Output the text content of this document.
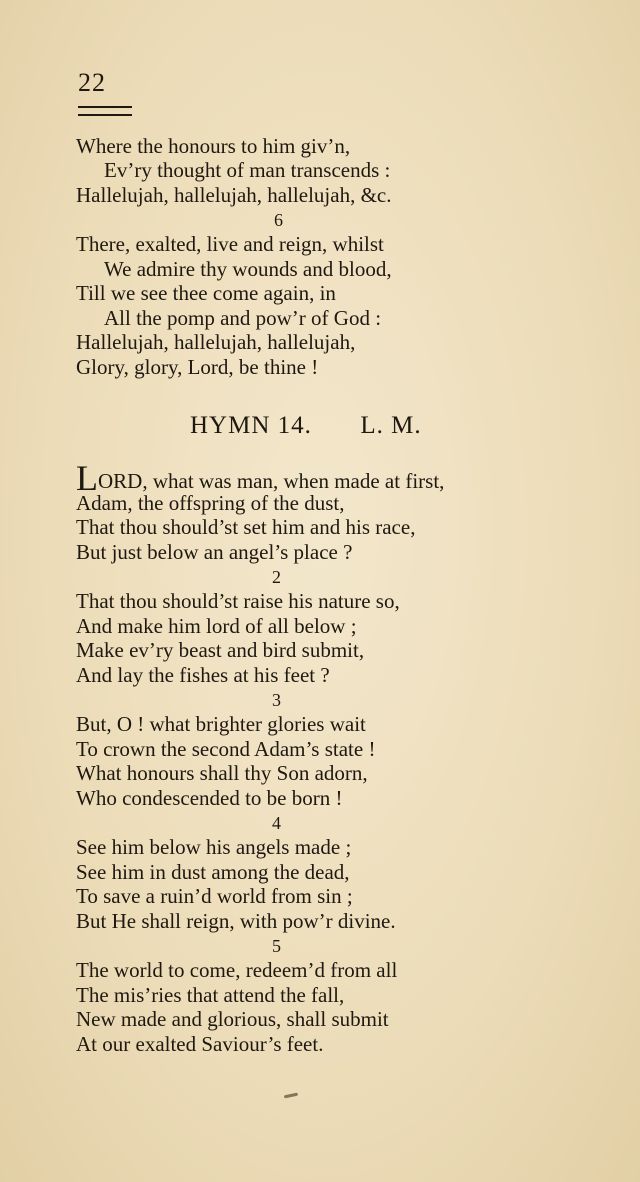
22
Where the honours to him giv’n,
Ev’ry thought of man transcends :
Hallelujah, hallelujah, hallelujah, &c.
6
There, exalted, live and reign, whilst
We admire thy wounds and blood,
Till we see thee come again, in
All the pomp and pow’r of God :
Hallelujah, hallelujah, hallelujah,
Glory, glory, Lord, be thine !
HYMN 14. L. M.
LORD, what was man, when made at first,
Adam, the offspring of the dust,
That thou should’st set him and his race,
But just below an angel’s place ?
2
That thou should’st raise his nature so,
And make him lord of all below ;
Make ev’ry beast and bird submit,
And lay the fishes at his feet ?
3
But, O ! what brighter glories wait
To crown the second Adam’s state !
What honours shall thy Son adorn,
Who condescended to be born !
4
See him below his angels made ;
See him in dust among the dead,
To save a ruin’d world from sin ;
But He shall reign, with pow’r divine.
5
The world to come, redeem’d from all
The mis’ries that attend the fall,
New made and glorious, shall submit
At our exalted Saviour’s feet.
